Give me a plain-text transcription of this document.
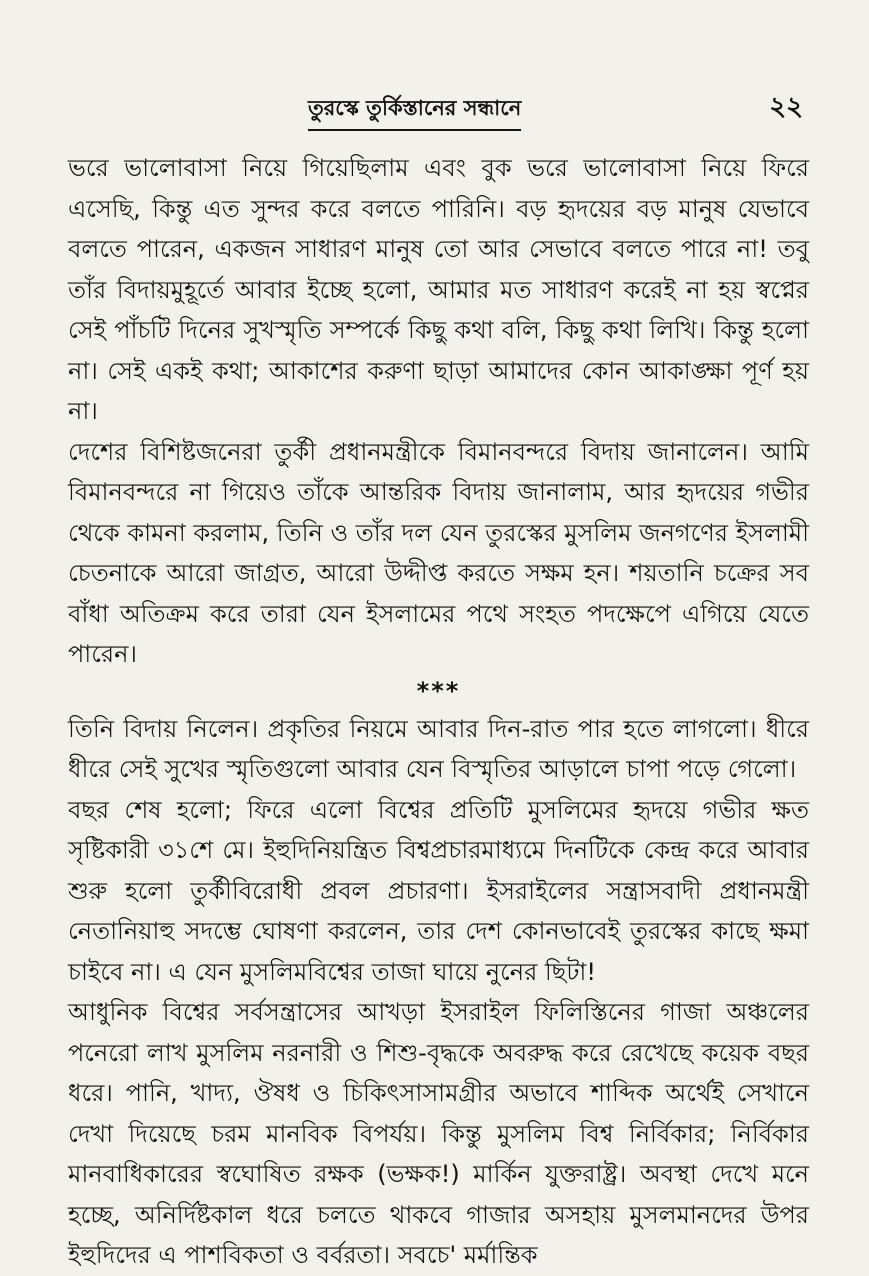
তুরস্কে তুর্কিস্তানের সন্ধানে	২২

ভরে ভালোবাসা নিয়ে গিয়েছিলাম এবং বুক ভরে ভালোবাসা নিয়ে ফিরে এসেছি, কিন্তু এত সুন্দর করে বলতে পারিনি। বড় হৃদয়ের বড় মানুষ যেভাবে বলতে পারেন, একজন সাধারণ মানুষ তো আর সেভাবে বলতে পারে না! তবু তাঁর বিদায়মুহূর্তে আবার ইচ্ছে হলো, আমার মত সাধারণ করেই না হয় স্বপ্নের সেই পাঁচটি দিনের সুখস্মৃতি সম্পর্কে কিছু কথা বলি, কিছু কথা লিখি। কিন্তু হলো না। সেই একই কথা; আকাশের করুণা ছাড়া আমাদের কোন আকাঙ্ক্ষা পূর্ণ হয় না।

দেশের বিশিষ্টজনেরা তুর্কী প্রধানমন্ত্রীকে বিমানবন্দরে বিদায় জানালেন। আমি বিমানবন্দরে না গিয়েও তাঁকে আন্তরিক বিদায় জানালাম, আর হৃদয়ের গভীর থেকে কামনা করলাম, তিনি ও তাঁর দল যেন তুরস্কের মুসলিম জনগণের ইসলামী চেতনাকে আরো জাগ্রত, আরো উদ্দীপ্ত করতে সক্ষম হন। শয়তানি চক্রের সব বাঁধা অতিক্রম করে তারা যেন ইসলামের পথে সংহত পদক্ষেপে এগিয়ে যেতে পারেন।

***

তিনি বিদায় নিলেন। প্রকৃতির নিয়মে আবার দিন-রাত পার হতে লাগলো। ধীরে ধীরে সেই সুখের স্মৃতিগুলো আবার যেন বিস্মৃতির আড়ালে চাপা পড়ে গেলো।

বছর শেষ হলো; ফিরে এলো বিশ্বের প্রতিটি মুসলিমের হৃদয়ে গভীর ক্ষত সৃষ্টিকারী ৩১শে মে। ইহুদিনিয়ন্ত্রিত বিশ্বপ্রচারমাধ্যমে দিনটিকে কেন্দ্র করে আবার শুরু হলো তুর্কীবিরোধী প্রবল প্রচারণা। ইসরাইলের সন্ত্রাসবাদী প্রধানমন্ত্রী নেতানিয়াহু সদম্ভে ঘোষণা করলেন, তার দেশ কোনভাবেই তুরস্কের কাছে ক্ষমা চাইবে না। এ যেন মুসলিমবিশ্বের তাজা ঘায়ে নুনের ছিটা!

আধুনিক বিশ্বের সর্বসন্ত্রাসের আখড়া ইসরাইল ফিলিস্তিনের গাজা অঞ্চলের পনেরো লাখ মুসলিম নরনারী ও শিশু-বৃদ্ধকে অবরুদ্ধ করে রেখেছে কয়েক বছর ধরে। পানি, খাদ্য, ঔষধ ও চিকিৎসাসামগ্রীর অভাবে শাব্দিক অর্থেই সেখানে দেখা দিয়েছে চরম মানবিক বিপর্যয়। কিন্তু মুসলিম বিশ্ব নির্বিকার; নির্বিকার মানবাধিকারের স্বঘোষিত রক্ষক (ভক্ষক!) মার্কিন যুক্তরাষ্ট্র। অবস্থা দেখে মনে হচ্ছে, অনির্দিষ্টকাল ধরে চলতে থাকবে গাজার অসহায় মুসলমানদের উপর ইহুদিদের এ পাশবিকতা ও বর্বরতা। সবচে' মর্মান্তিক
